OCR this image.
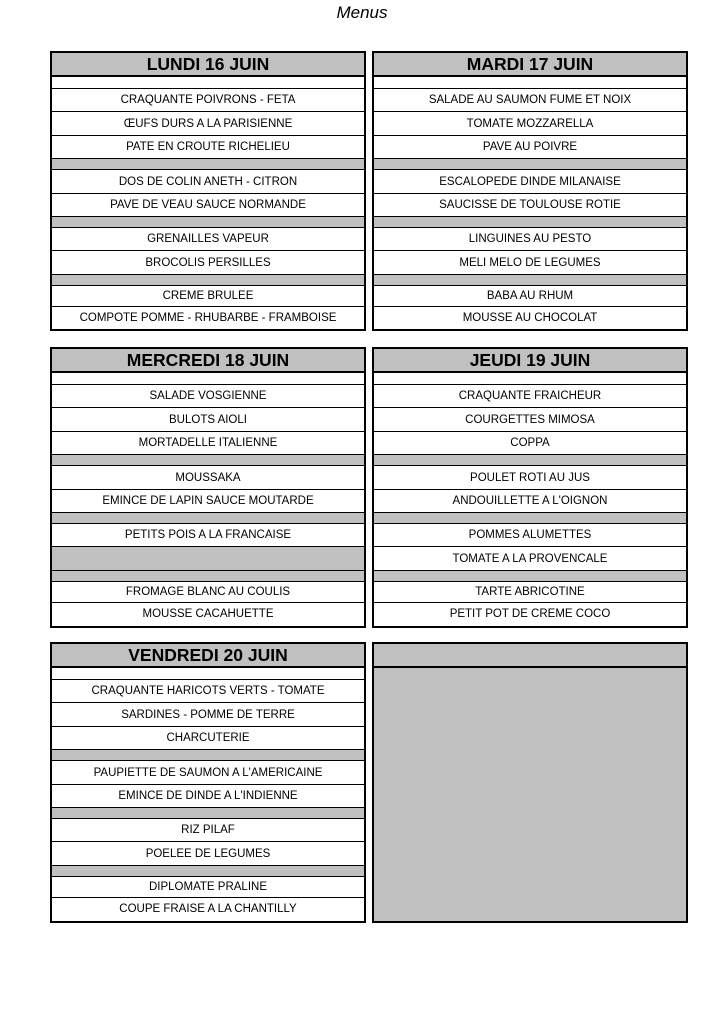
Menus
LUNDI 16 JUIN
CRAQUANTE POIVRONS - FETA
ŒUFS DURS A LA PARISIENNE
PATE EN CROUTE RICHELIEU
DOS DE COLIN ANETH - CITRON
PAVE DE VEAU SAUCE NORMANDE
GRENAILLES VAPEUR
BROCOLIS PERSILLES
CREME BRULEE
COMPOTE POMME - RHUBARBE - FRAMBOISE
MARDI 17 JUIN
SALADE AU SAUMON FUME ET NOIX
TOMATE MOZZARELLA
PAVE AU POIVRE
ESCALOPEDE DINDE MILANAISE
SAUCISSE DE TOULOUSE ROTIE
LINGUINES AU PESTO
MELI MELO DE LEGUMES
BABA AU RHUM
MOUSSE AU CHOCOLAT
MERCREDI 18 JUIN
SALADE VOSGIENNE
BULOTS AIOLI
MORTADELLE ITALIENNE
MOUSSAKA
EMINCE DE LAPIN SAUCE MOUTARDE
PETITS POIS A LA FRANCAISE
FROMAGE BLANC AU COULIS
MOUSSE CACAHUETTE
JEUDI 19 JUIN
CRAQUANTE FRAICHEUR
COURGETTES MIMOSA
COPPA
POULET ROTI AU JUS
ANDOUILLETTE A L'OIGNON
POMMES ALUMETTES
TOMATE A LA PROVENCALE
TARTE ABRICOTINE
PETIT POT DE CREME COCO
VENDREDI 20 JUIN
CRAQUANTE HARICOTS VERTS - TOMATE
SARDINES - POMME DE TERRE
CHARCUTERIE
PAUPIETTE DE SAUMON A L'AMERICAINE
EMINCE DE DINDE A L'INDIENNE
RIZ PILAF
POELEE DE LEGUMES
DIPLOMATE PRALINE
COUPE FRAISE A LA CHANTILLY
